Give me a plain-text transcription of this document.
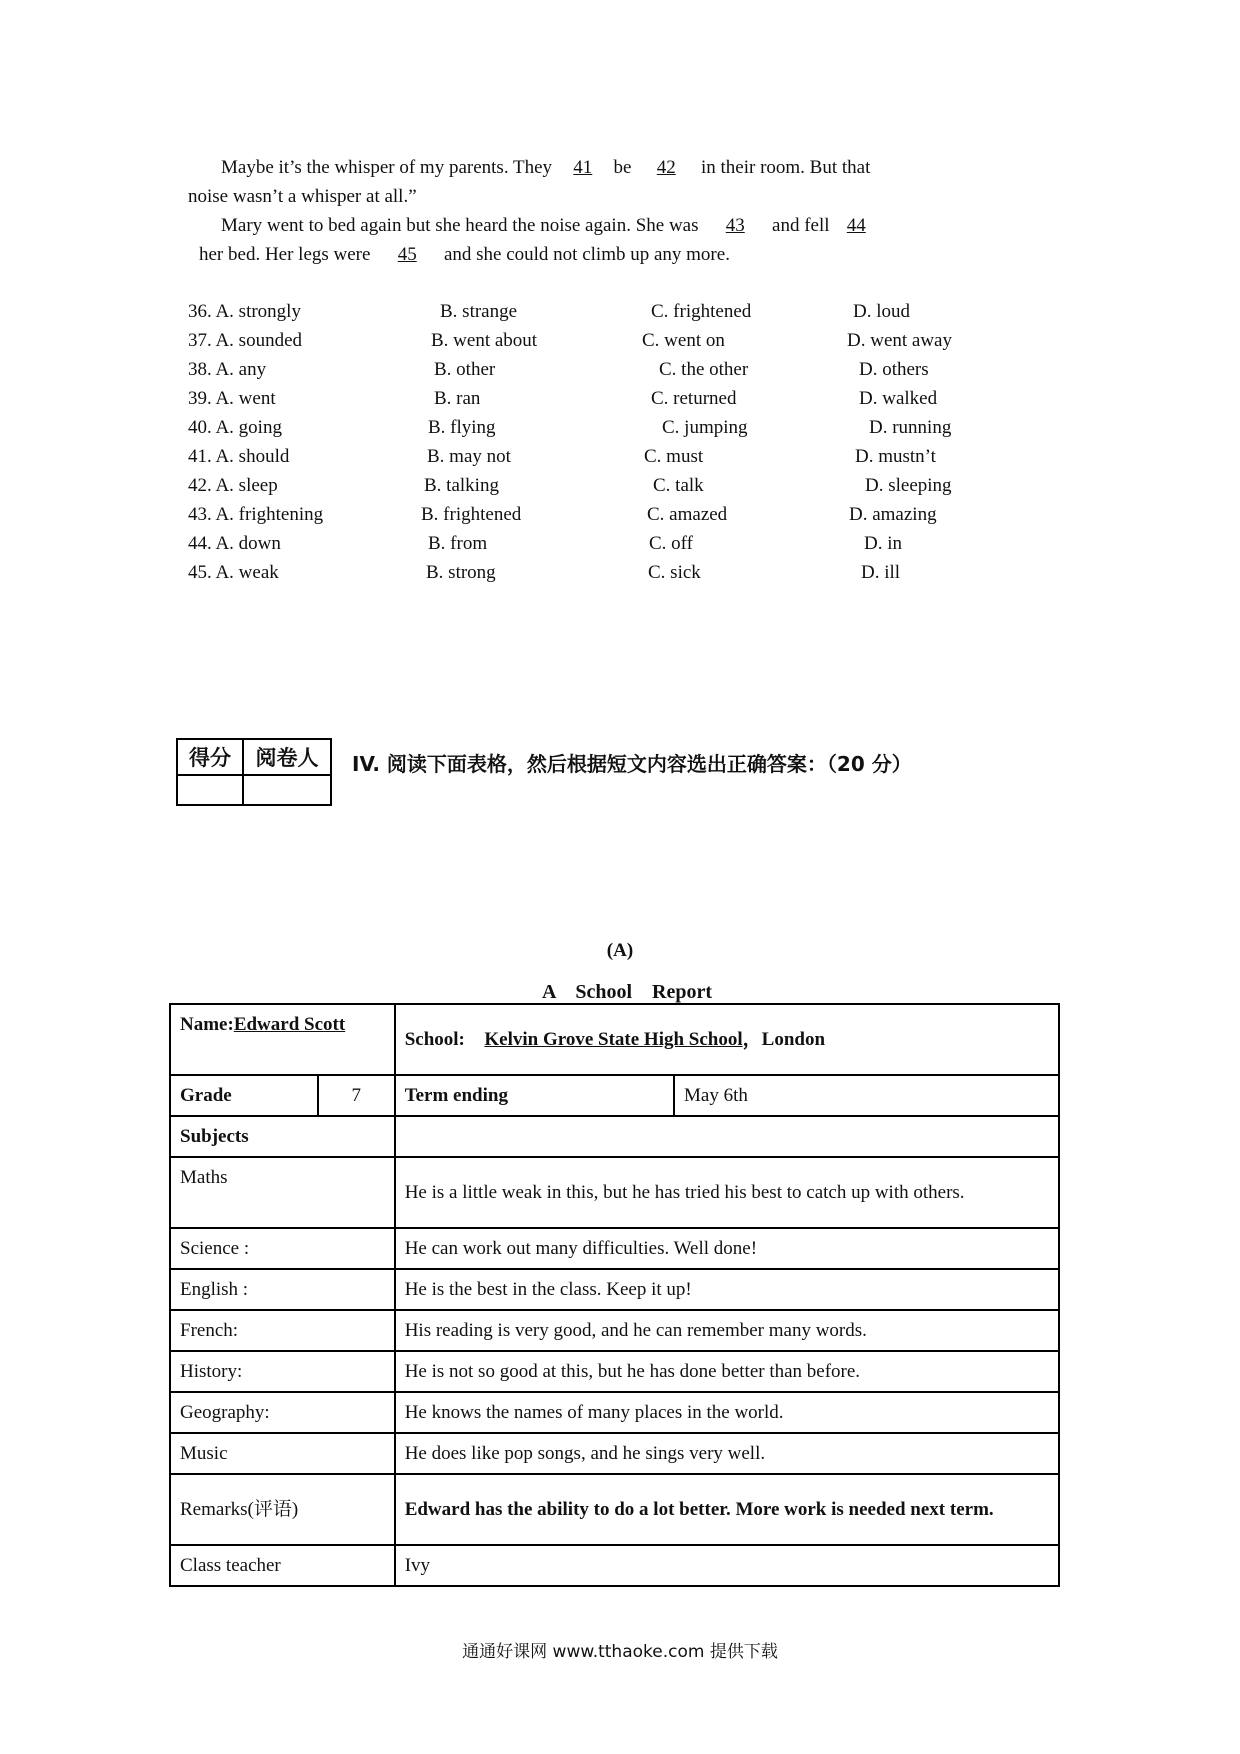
Maybe it’s the whisper of my parents. They 41 be 42 in their room. But that
noise wasn’t a whisper at all.”
Mary went to bed again but she heard the noise again. She was 43 and fell 44
her bed. Her legs were 45 and she could not climb up any more.
36. A. strongly	B. strange	C. frightened	D. loud
37. A. sounded	B. went about	C. went on	D. went away
38. A. any	B. other	C. the other	D. others
39. A. went	B. ran	C. returned	D. walked
40. A. going	B. flying	C. jumping	D. running
41. A. should	B. may not	C. must	D. mustn’t
42. A. sleep	B. talking	C. talk	D. sleeping
43. A. frightening	B. frightened	C. amazed	D. amazing
44. A. down	B. from	C. off	D. in
45. A. weak	B. strong	C. sick	D. ill
得分	阅卷人
	IV. 阅读下面表格，然后根据短文内容选出正确答案：（20 分）
(A)
A    School    Report
Name:Edward Scott		School:  Kelvin Grove State High School，London	
Grade	7	Term ending	May 6th
Subjects			
Maths		He is a little weak in this, but he has tried his best to catch up with others.	
Science :		He can work out many difficulties. Well done!	
English :		He is the best in the class. Keep it up!	
French:		His reading is very good, and he can remember many words.	
History:		He is not so good at this, but he has done better than before.	
Geography:		He knows the names of many places in the world.	
Music		He does like pop songs, and he sings very well.	
Remarks(评语)		Edward has the ability to do a lot better. More work is needed next term.	
Class teacher		Ivy	
通通好课网 www.tthaoke.com 提供下载
